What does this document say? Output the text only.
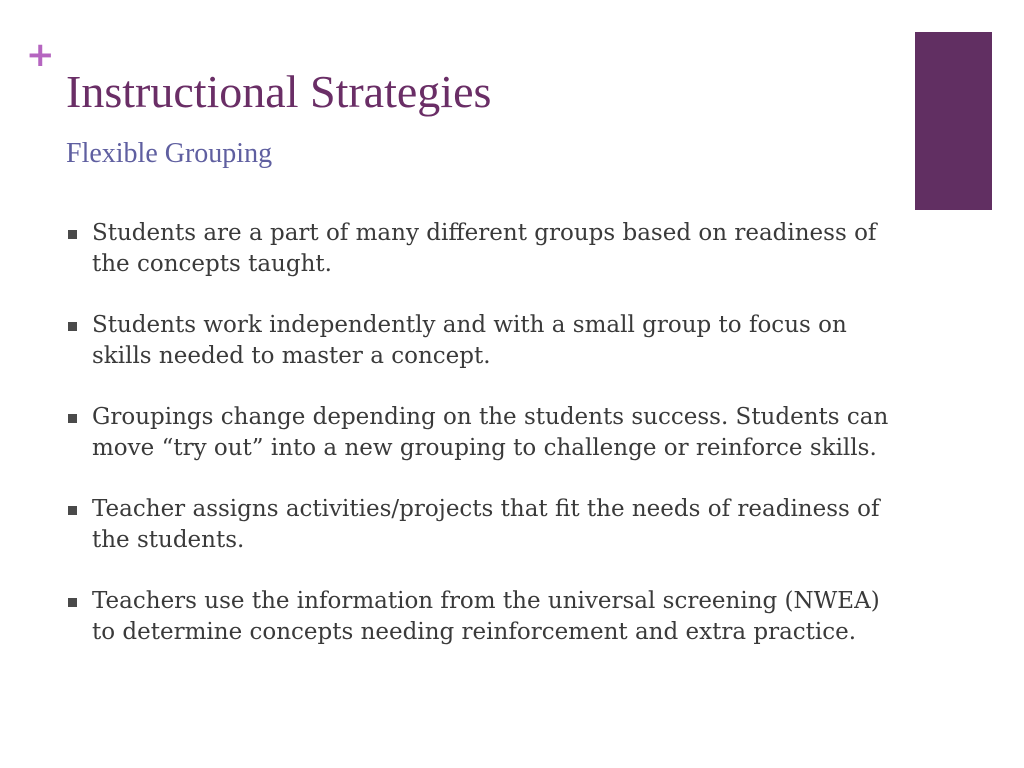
+
Instructional Strategies
Flexible Grouping
Students are a part of many different groups based on readiness of the concepts taught.
Students work independently and with a small group to focus on skills needed to master a concept.
Groupings change depending on the students success. Students can move “try out” into a new grouping to challenge or reinforce skills.
Teacher assigns activities/projects that fit the needs of readiness of the students.
Teachers use the information from the universal screening (NWEA) to determine concepts needing reinforcement and extra practice.
